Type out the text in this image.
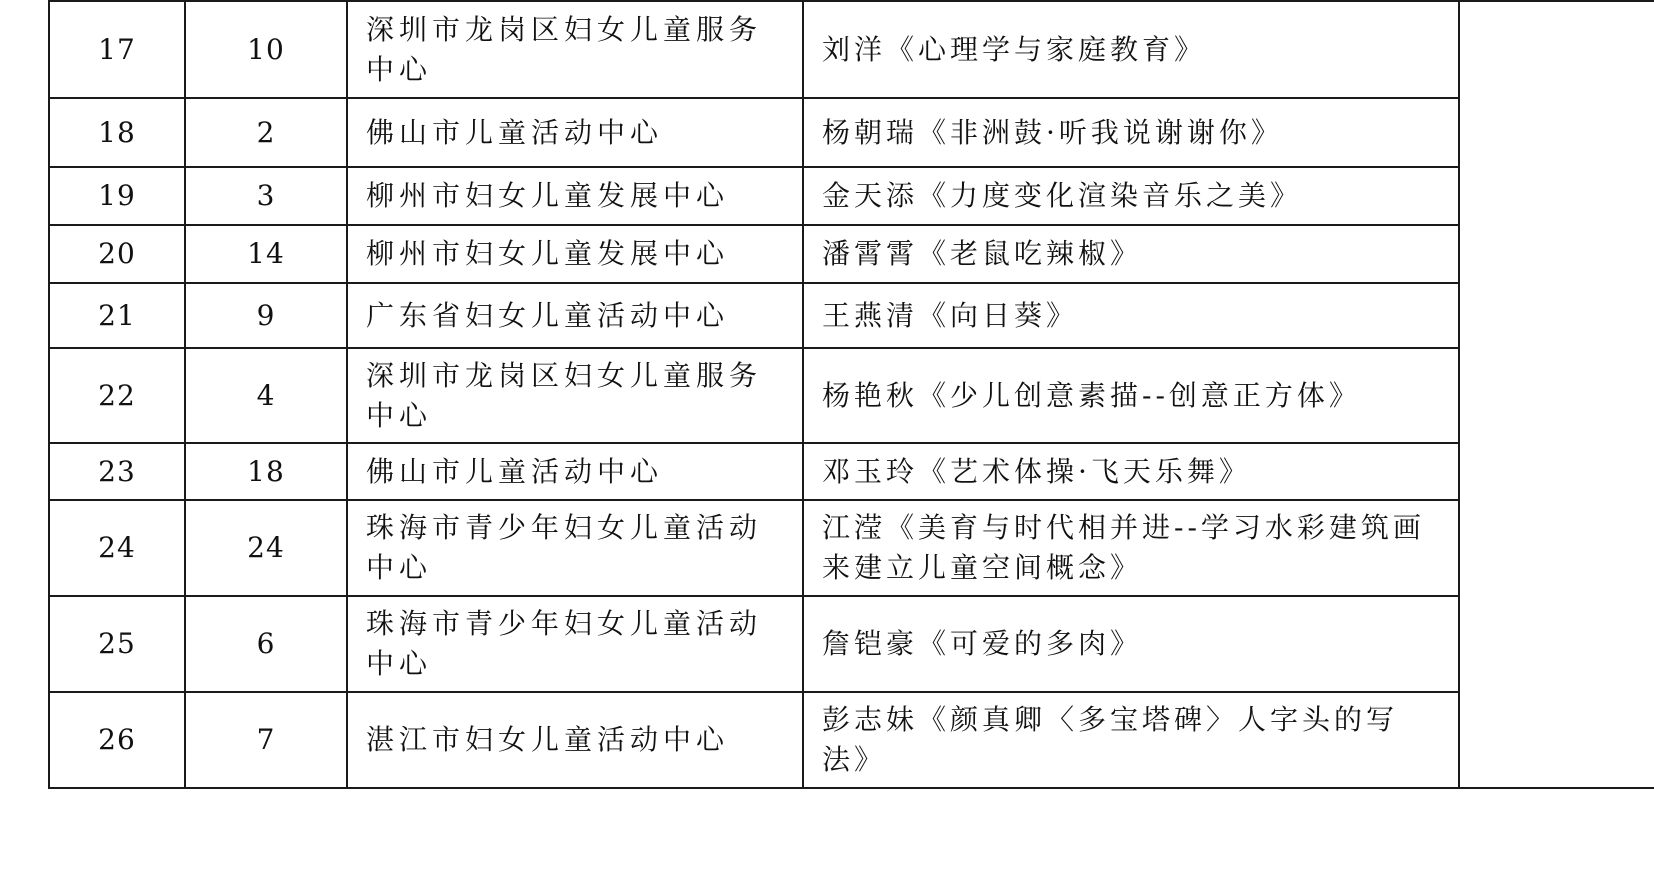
17	10	深圳市龙岗区妇女儿童服务中心	刘洋《心理学与家庭教育》	
18	2	佛山市儿童活动中心	杨朝瑞《非洲鼓·听我说谢谢你》	
19	3	柳州市妇女儿童发展中心	金天添《力度变化渲染音乐之美》	
20	14	柳州市妇女儿童发展中心	潘霄霄《老鼠吃辣椒》	
21	9	广东省妇女儿童活动中心	王燕清《向日葵》	
22	4	深圳市龙岗区妇女儿童服务中心	杨艳秋《少儿创意素描--创意正方体》	
23	18	佛山市儿童活动中心	邓玉玲《艺术体操·飞天乐舞》	
24	24	珠海市青少年妇女儿童活动中心	江滢《美育与时代相并进--学习水彩建筑画来建立儿童空间概念》	
25	6	珠海市青少年妇女儿童活动中心	詹铠豪《可爱的多肉》	
26	7	湛江市妇女儿童活动中心	彭志妹《颜真卿〈多宝塔碑〉人字头的写法》	
